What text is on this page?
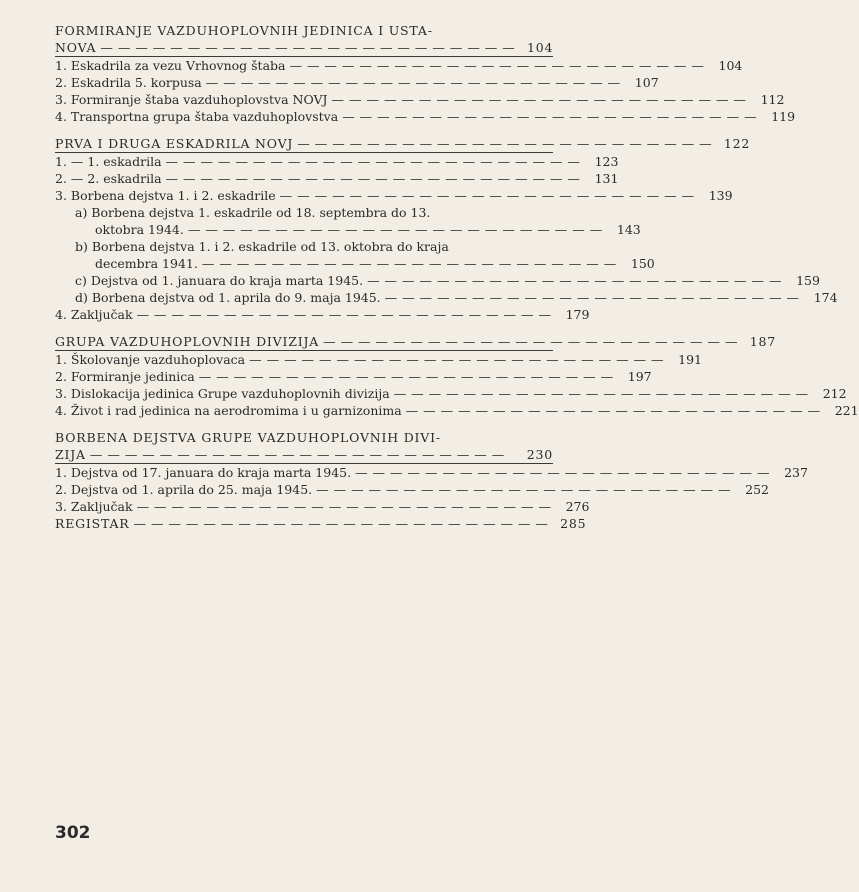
FORMIRANJE VAZDUHOPLOVNIH JEDINICA I USTA-
NOVA — — — — — — — — — — — — — — — — — — — — — — — — 104
1. Eskadrila za vezu Vrhovnog štaba — — — — — — — — — — — — — — — — — — — — — — — —	104
2. Eskadrila 5. korpusa — — — — — — — — — — — — — — — — — — — — — — — —	107
3. Formiranje štaba vazduhoplovstva NOVJ — — — — — — — — — — — — — — — — — — — — — — — —	112
4. Transportna grupa štaba vazduhoplovstva — — — — — — — — — — — — — — — — — — — — — — — —	119
PRVA I DRUGA ESKADRILA NOVJ — — — — — — — — — — — — — — — — — — — — — — — — 122
1. — 1. eskadrila — — — — — — — — — — — — — — — — — — — — — — — —	123
2. — 2. eskadrila — — — — — — — — — — — — — — — — — — — — — — — —	131
3. Borbena dejstva 1. i 2. eskadrile — — — — — — — — — — — — — — — — — — — — — — — —	139
a) Borbena dejstva 1. eskadrile od 18. septembra do 13.
oktobra 1944. — — — — — — — — — — — — — — — — — — — — — — — —	143
b) Borbena dejstva 1. i 2. eskadrile od 13. oktobra do kraja
decembra 1941. — — — — — — — — — — — — — — — — — — — — — — — —	150
c) Dejstva od 1. januara do kraja marta 1945. — — — — — — — — — — — — — — — — — — — — — — — —	159
d) Borbena dejstva od 1. aprila do 9. maja 1945. — — — — — — — — — — — — — — — — — — — — — — — —	174
4. Zaključak — — — — — — — — — — — — — — — — — — — — — — — —	179
GRUPA VAZDUHOPLOVNIH DIVIZIJA — — — — — — — — — — — — — — — — — — — — — — — — 187
1. Školovanje vazduhoplovaca — — — — — — — — — — — — — — — — — — — — — — — —	191
2. Formiranje jedinica — — — — — — — — — — — — — — — — — — — — — — — —	197
3. Dislokacija jedinica Grupe vazduhoplovnih divizija — — — — — — — — — — — — — — — — — — — — — — — —	212
4. Život i rad jedinica na aerodromima i u garnizonima — — — — — — — — — — — — — — — — — — — — — — — —	221
BORBENA DEJSTVA GRUPE VAZDUHOPLOVNIH DIVI-
ZIJA — — — — — — — — — — — — — — — — — — — — — — — —	230
1. Dejstva od 17. januara do kraja marta 1945. — — — — — — — — — — — — — — — — — — — — — — — —	237
2. Dejstva od 1. aprila do 25. maja 1945. — — — — — — — — — — — — — — — — — — — — — — — —	252
3. Zaključak — — — — — — — — — — — — — — — — — — — — — — — —	276
REGISTAR — — — — — — — — — — — — — — — — — — — — — — — — 285
302
